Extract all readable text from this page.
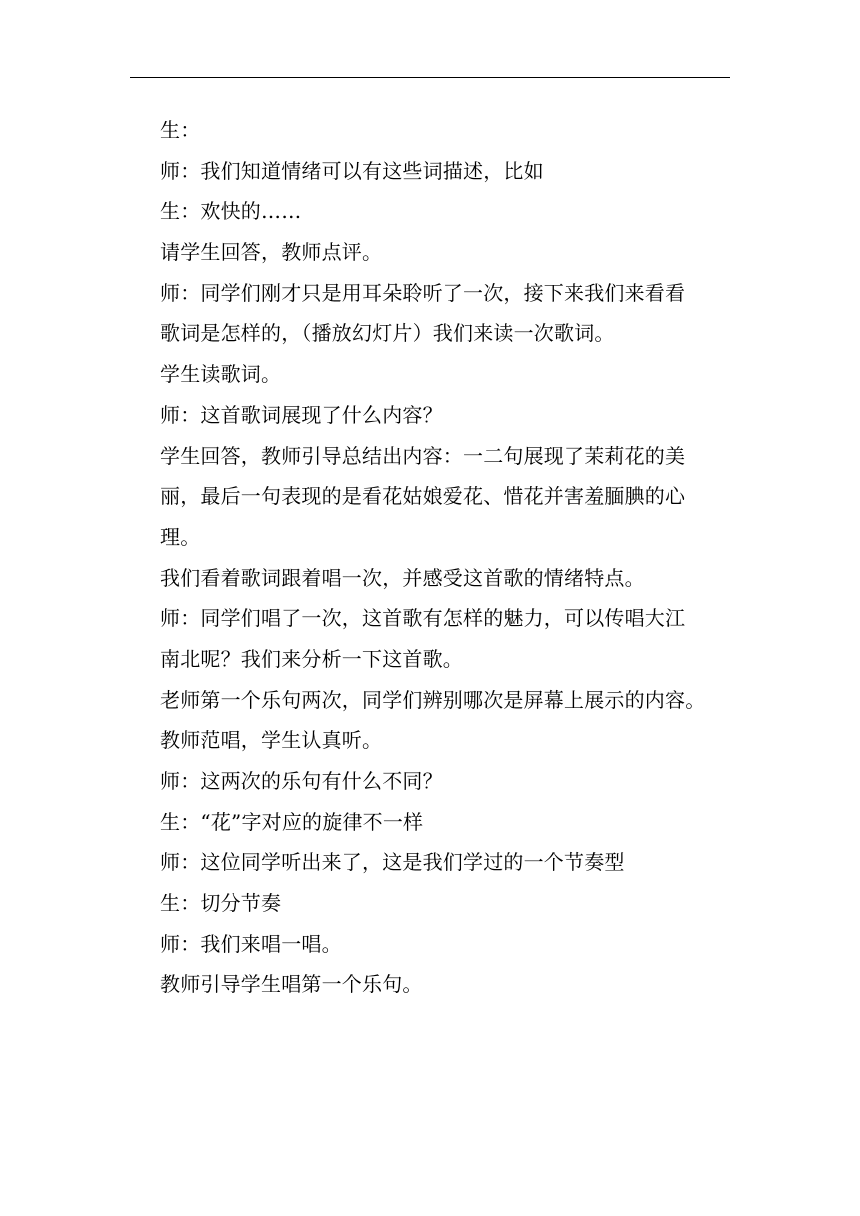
生：

师：我们知道情绪可以有这些词描述，比如

生：欢快的……

请学生回答，教师点评。

师：同学们刚才只是用耳朵聆听了一次，接下来我们来看看

歌词是怎样的，（播放幻灯片）我们来读一次歌词。

学生读歌词。

师：这首歌词展现了什么内容？

学生回答，教师引导总结出内容：一二句展现了茉莉花的美

丽，最后一句表现的是看花姑娘爱花、惜花并害羞腼腆的心

理。

我们看着歌词跟着唱一次，并感受这首歌的情绪特点。

师：同学们唱了一次，这首歌有怎样的魅力，可以传唱大江

南北呢？我们来分析一下这首歌。

老师第一个乐句两次，同学们辨别哪次是屏幕上展示的内容。

教师范唱，学生认真听。

师：这两次的乐句有什么不同？

生：“花”字对应的旋律不一样

师：这位同学听出来了，这是我们学过的一个节奏型

生：切分节奏

师：我们来唱一唱。

教师引导学生唱第一个乐句。
